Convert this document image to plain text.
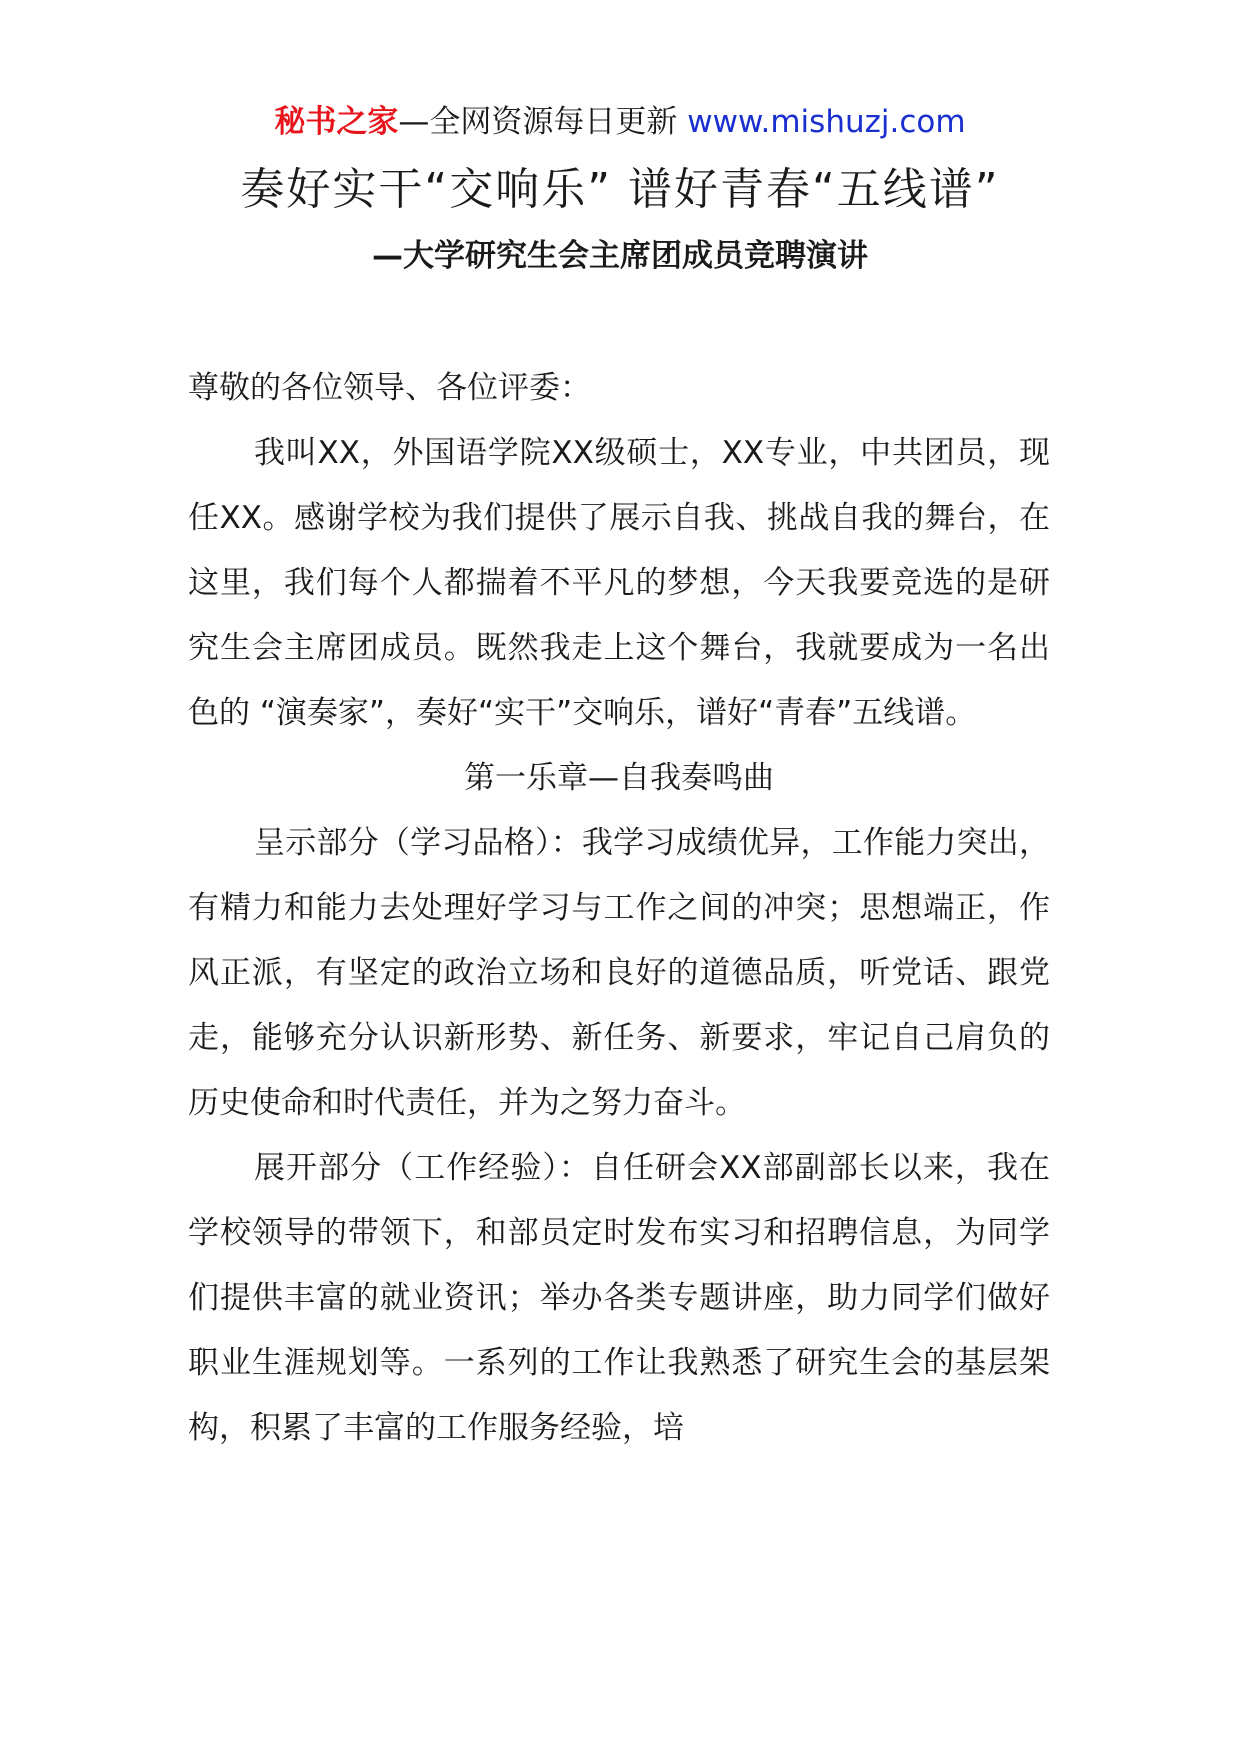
秘书之家—全网资源每日更新 www.mishuzj.com
奏好实干“交响乐” 谱好青春“五线谱”
—大学研究生会主席团成员竞聘演讲

尊敬的各位领导、各位评委：

我叫XX，外国语学院XX级硕士，XX专业，中共团员，现任XX。感谢学校为我们提供了展示自我、挑战自我的舞台，在这里，我们每个人都揣着不平凡的梦想，今天我要竞选的是研究生会主席团成员。既然我走上这个舞台，我就要成为一名出色的 “演奏家”，奏好“实干”交响乐，谱好“青春”五线谱。

第一乐章—自我奏鸣曲

呈示部分（学习品格）：我学习成绩优异，工作能力突出，有精力和能力去处理好学习与工作之间的冲突；思想端正，作风正派，有坚定的政治立场和良好的道德品质，听党话、跟党走，能够充分认识新形势、新任务、新要求，牢记自己肩负的历史使命和时代责任，并为之努力奋斗。

展开部分（工作经验）：自任研会XX部副部长以来，我在学校领导的带领下，和部员定时发布实习和招聘信息，为同学们提供丰富的就业资讯；举办各类专题讲座，助力同学们做好职业生涯规划等。一系列的工作让我熟悉了研究生会的基层架构，积累了丰富的工作服务经验，培
